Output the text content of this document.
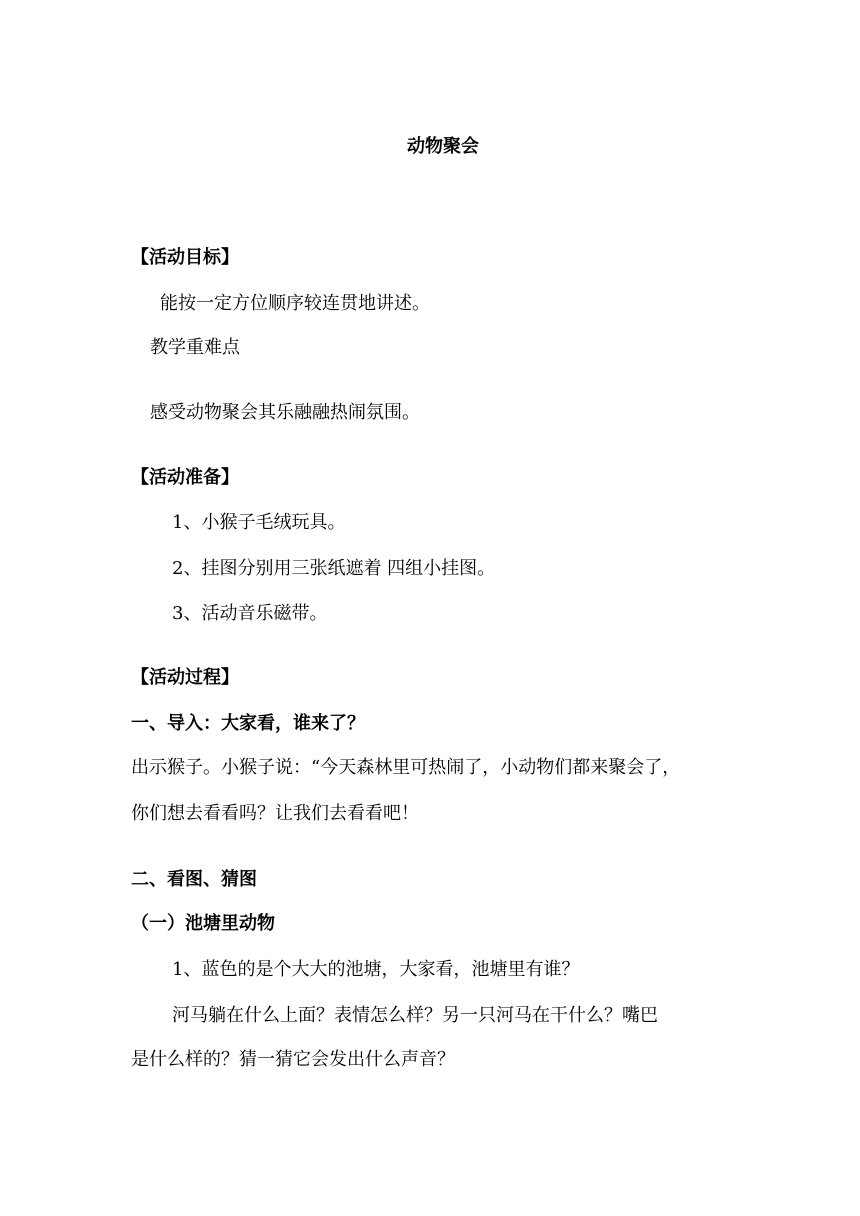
动物聚会
【活动目标】
能按一定方位顺序较连贯地讲述。
教学重难点
感受动物聚会其乐融融热闹氛围。
【活动准备】
1、小猴子毛绒玩具。
2、挂图分别用三张纸遮着 四组小挂图。
3、活动音乐磁带。
【活动过程】
一、导入：大家看，谁来了？
出示猴子。小猴子说：“今天森林里可热闹了，小动物们都来聚会了，
你们想去看看吗？让我们去看看吧！
二、看图、猜图
（一）池塘里动物
1、蓝色的是个大大的池塘，大家看，池塘里有谁？
河马躺在什么上面？表情怎么样？另一只河马在干什么？嘴巴
是什么样的？猜一猜它会发出什么声音？
